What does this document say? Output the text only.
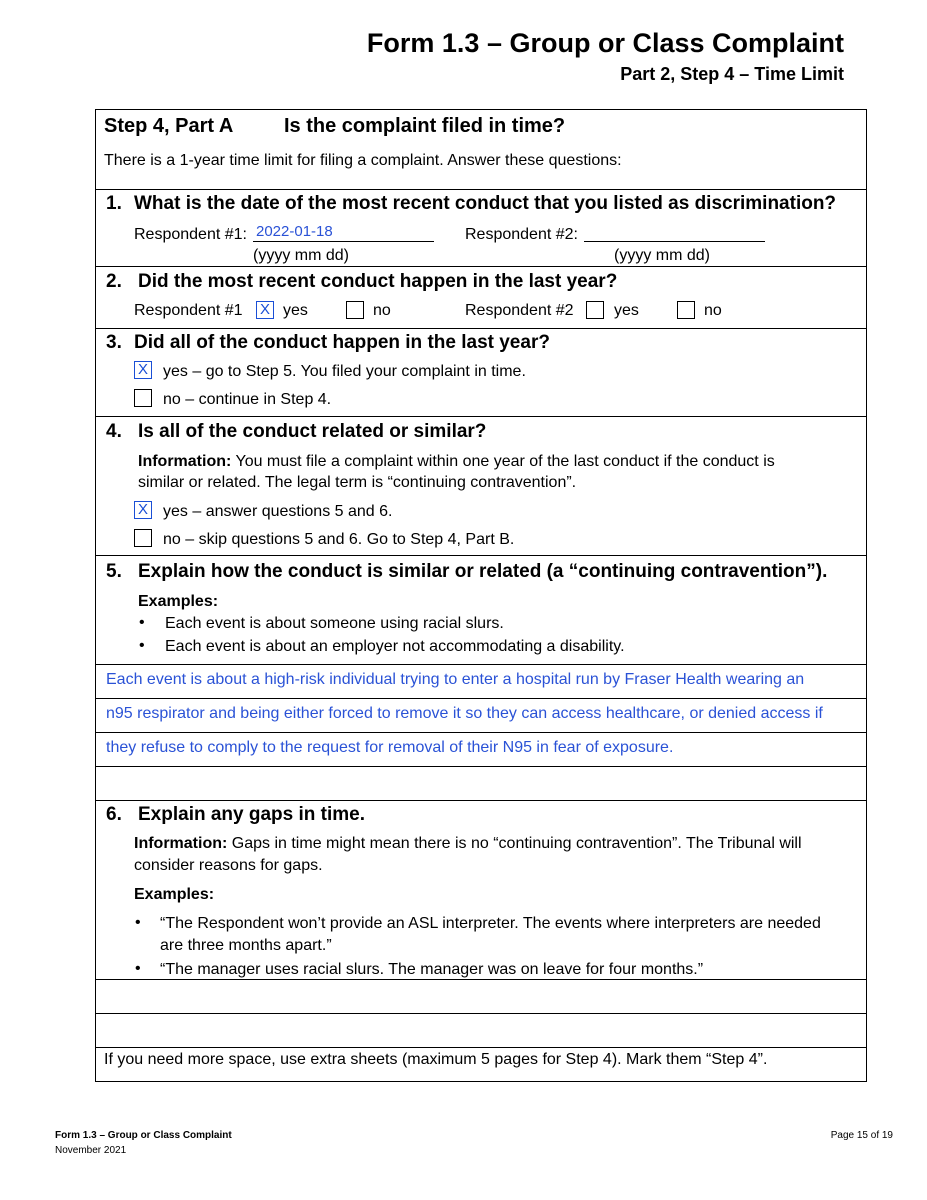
Form 1.3 – Group or Class Complaint
Part 2, Step 4 – Time Limit
Step 4, Part A	Is the complaint filed in time?
There is a 1-year time limit for filing a complaint. Answer these questions:
1. What is the date of the most recent conduct that you listed as discrimination?
Respondent #1: 2022-01-18
(yyyy mm dd)
Respondent #2:
(yyyy mm dd)
2. Did the most recent conduct happen in the last year?
Respondent #1 X yes	no	Respondent #2	yes	no
3. Did all of the conduct happen in the last year?
X yes – go to Step 5. You filed your complaint in time.
no – continue in Step 4.
4. Is all of the conduct related or similar?
Information: You must file a complaint within one year of the last conduct if the conduct is
similar or related. The legal term is “continuing contravention”.
X yes – answer questions 5 and 6.
no – skip questions 5 and 6. Go to Step 4, Part B.
5. Explain how the conduct is similar or related (a “continuing contravention”).
Examples:
• Each event is about someone using racial slurs.
• Each event is about an employer not accommodating a disability.
Each event is about a high-risk individual trying to enter a hospital run by Fraser Health wearing an
n95 respirator and being either forced to remove it so they can access healthcare, or denied access if
they refuse to comply to the request for removal of their N95 in fear of exposure.
6. Explain any gaps in time.
Information: Gaps in time might mean there is no “continuing contravention”. The Tribunal will
consider reasons for gaps.
Examples:
• “The Respondent won’t provide an ASL interpreter. The events where interpreters are needed
are three months apart.”
• “The manager uses racial slurs. The manager was on leave for four months.”
If you need more space, use extra sheets (maximum 5 pages for Step 4). Mark them “Step 4”.
Form 1.3 – Group or Class Complaint
November 2021
Page 15 of 19
